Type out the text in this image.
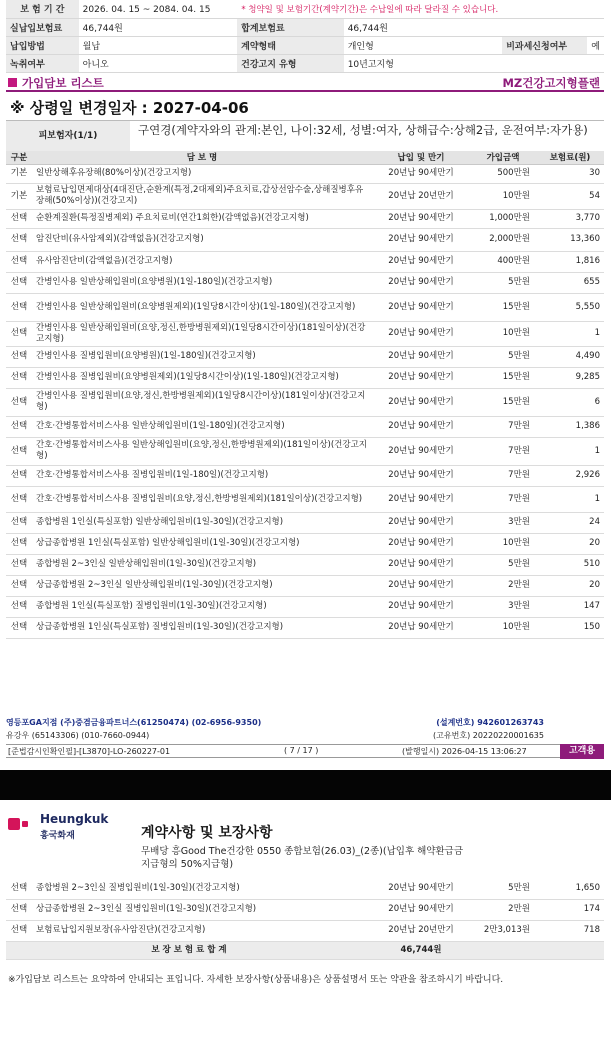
보 험 기 간	2026. 04. 15 ~ 2084. 04. 15 * 청약일 및 보험기간(계약기간)은 수납일에 따라 달라질 수 있습니다.				
실납입보험료	46,744원	합계보험료	46,744원		
납입방법	월납	계약형태	개인형	비과세신청여부	예
녹취여부	아니오	건강고지 유형	10년고지형		
가입담보 리스트	MZ건강고지형플랜
※ 상령일 변경일자 : 2027-04-06
피보험자(1/1)	구연경(계약자와의 관계:본인, 나이:32세, 성별:여자, 상해급수:상해2급, 운전여부:자가용)
구분	담 보 명	납입 및 만기	가입금액	보험료(원)
기본	일반상해후유장해(80%이상)(건강고지형)	20년납 90세만기	500만원	30
기본	보험료납입면제대상(4대진단,순환계(특정,2대제외)주요치료,갑상선암수술,상해질병후유장해(50%이상))(건강고지)	20년납 20년만기	10만원	54
선택	순환계질환(특정질병제외) 주요치료비(연간1회한)(감액없음)(건강고지형)	20년납 90세만기	1,000만원	3,770
선택	암진단비(유사암제외)(감액없음)(건강고지형)	20년납 90세만기	2,000만원	13,360
선택	유사암진단비(감액없음)(건강고지형)	20년납 90세만기	400만원	1,816
선택	간병인사용 일반상해입원비(요양병원)(1일-180일)(건강고지형)	20년납 90세만기	5만원	655
선택	간병인사용 일반상해입원비(요양병원제외)(1일당8시간이상)(1일-180일)(건강고지형)	20년납 90세만기	15만원	5,550
선택	간병인사용 일반상해입원비(요양,정신,한방병원제외)(1일당8시간이상)(181일이상)(건강고지형)	20년납 90세만기	10만원	1
선택	간병인사용 질병입원비(요양병원)(1일-180일)(건강고지형)	20년납 90세만기	5만원	4,490
선택	간병인사용 질병입원비(요양병원제외)(1일당8시간이상)(1일-180일)(건강고지형)	20년납 90세만기	15만원	9,285
선택	간병인사용 질병입원비(요양,정신,한방병원제외)(1일당8시간이상)(181일이상)(건강고지형)	20년납 90세만기	15만원	6
선택	간호·간병통합서비스사용 일반상해입원비(1일-180일)(건강고지형)	20년납 90세만기	7만원	1,386
선택	간호·간병통합서비스사용 일반상해입원비(요양,정신,한방병원제외)(181일이상)(건강고지형)	20년납 90세만기	7만원	1
선택	간호·간병통합서비스사용 질병입원비(1일-180일)(건강고지형)	20년납 90세만기	7만원	2,926
선택	간호·간병통합서비스사용 질병입원비(요양,정신,한방병원제외)(181일이상)(건강고지형)	20년납 90세만기	7만원	1
선택	종합병원 1인실(특실포함) 일반상해입원비(1일-30일)(건강고지형)	20년납 90세만기	3만원	24
선택	상급종합병원 1인실(특실포함) 일반상해입원비(1일-30일)(건강고지형)	20년납 90세만기	10만원	20
선택	종합병원 2~3인실 일반상해입원비(1일-30일)(건강고지형)	20년납 90세만기	5만원	510
선택	상급종합병원 2~3인실 일반상해입원비(1일-30일)(건강고지형)	20년납 90세만기	2만원	20
선택	종합병원 1인실(특실포함) 질병입원비(1일-30일)(건강고지형)	20년납 90세만기	3만원	147
선택	상급종합병원 1인실(특실포함) 질병입원비(1일-30일)(건강고지형)	20년납 90세만기	10만원	150
영등포GA지점 (주)중겸금융파트너스(61250474) (02-6956-9350)	(설계번호) 942601263743
유강우 (65143306) (010-7660-0944)	(고유번호) 20220220001635
[준법감시인확인필]-[L3870]-LO-260227-01	( 7 / 17 )	(발행일시) 2026-04-15 13:06:27	고객용
Heungkuk
흥국화재	계약사항 및 보장사항
무배당 흥Good The건강한 0550 종합보험(26.03)_(2종)(납입후 해약환급금지급형의 50%지급형)
선택	종합병원 2~3인실 질병입원비(1일-30일)(건강고지형)	20년납 90세만기	5만원	1,650
선택	상급종합병원 2~3인실 질병입원비(1일-30일)(건강고지형)	20년납 90세만기	2만원	174
선택	보험료납입지원보장(유사암진단)(건강고지형)	20년납 20년만기	2만3,013원	718
보 장 보 험 료 합 계		46,744원		
※가입담보 리스트는 요약하여 안내되는 표입니다. 자세한 보장사항(상품내용)은 상품설명서 또는 약관을 참조하시기 바랍니다.
